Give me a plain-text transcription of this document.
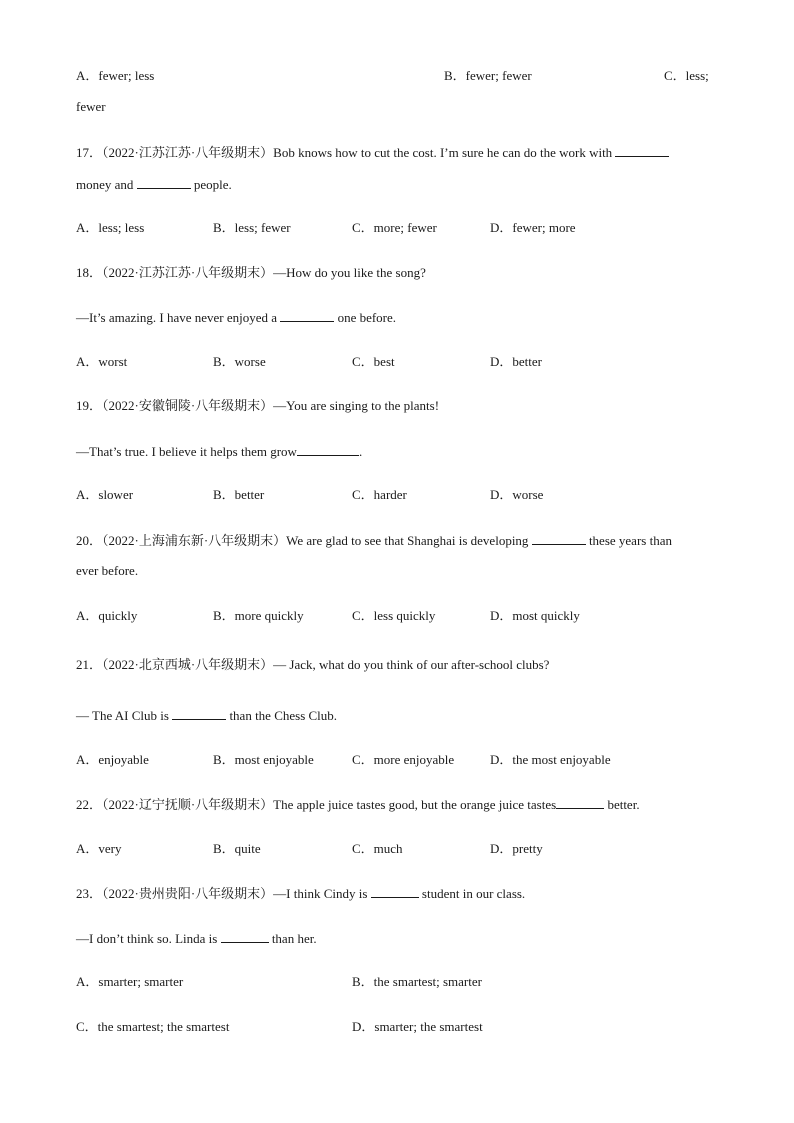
A．fewer; less	B．fewer; fewer	C．less;
fewer
17．（2022·江苏江苏·八年级期末）Bob knows how to cut the cost. I’m sure he can do the work with
money and	people.
A．less; less	B．less; fewer	C．more; fewer	D．fewer; more
18．（2022·江苏江苏·八年级期末）—How do you like the song?
—It’s amazing. I have never enjoyed a	one before.
A．worst	B．worse	C．best	D．better
19．（2022·安徽铜陵·八年级期末）—You are singing to the plants!
—That’s true. I believe it helps them grow	.
A．slower	B．better	C．harder	D．worse
20．（2022·上海浦东新·八年级期末）We are glad to see that Shanghai is developing	these years than
ever before.
A．quickly	B．more quickly	C．less quickly	D．most quickly
21．（2022·北京西城·八年级期末）— Jack, what do you think of our after-school clubs?
— The AI Club is	than the Chess Club.
A．enjoyable	B．most enjoyable	C．more enjoyable	D．the most enjoyable
22．（2022·辽宁抚顺·八年级期末）The apple juice tastes good, but the orange juice tastes	better.
A．very	B．quite	C．much	D．pretty
23．（2022·贵州贵阳·八年级期末）—I think Cindy is	student in our class.
—I don’t think so. Linda is	than her.
A．smarter; smarter	B．the smartest; smarter
C．the smartest; the smartest	D．smarter; the smartest
